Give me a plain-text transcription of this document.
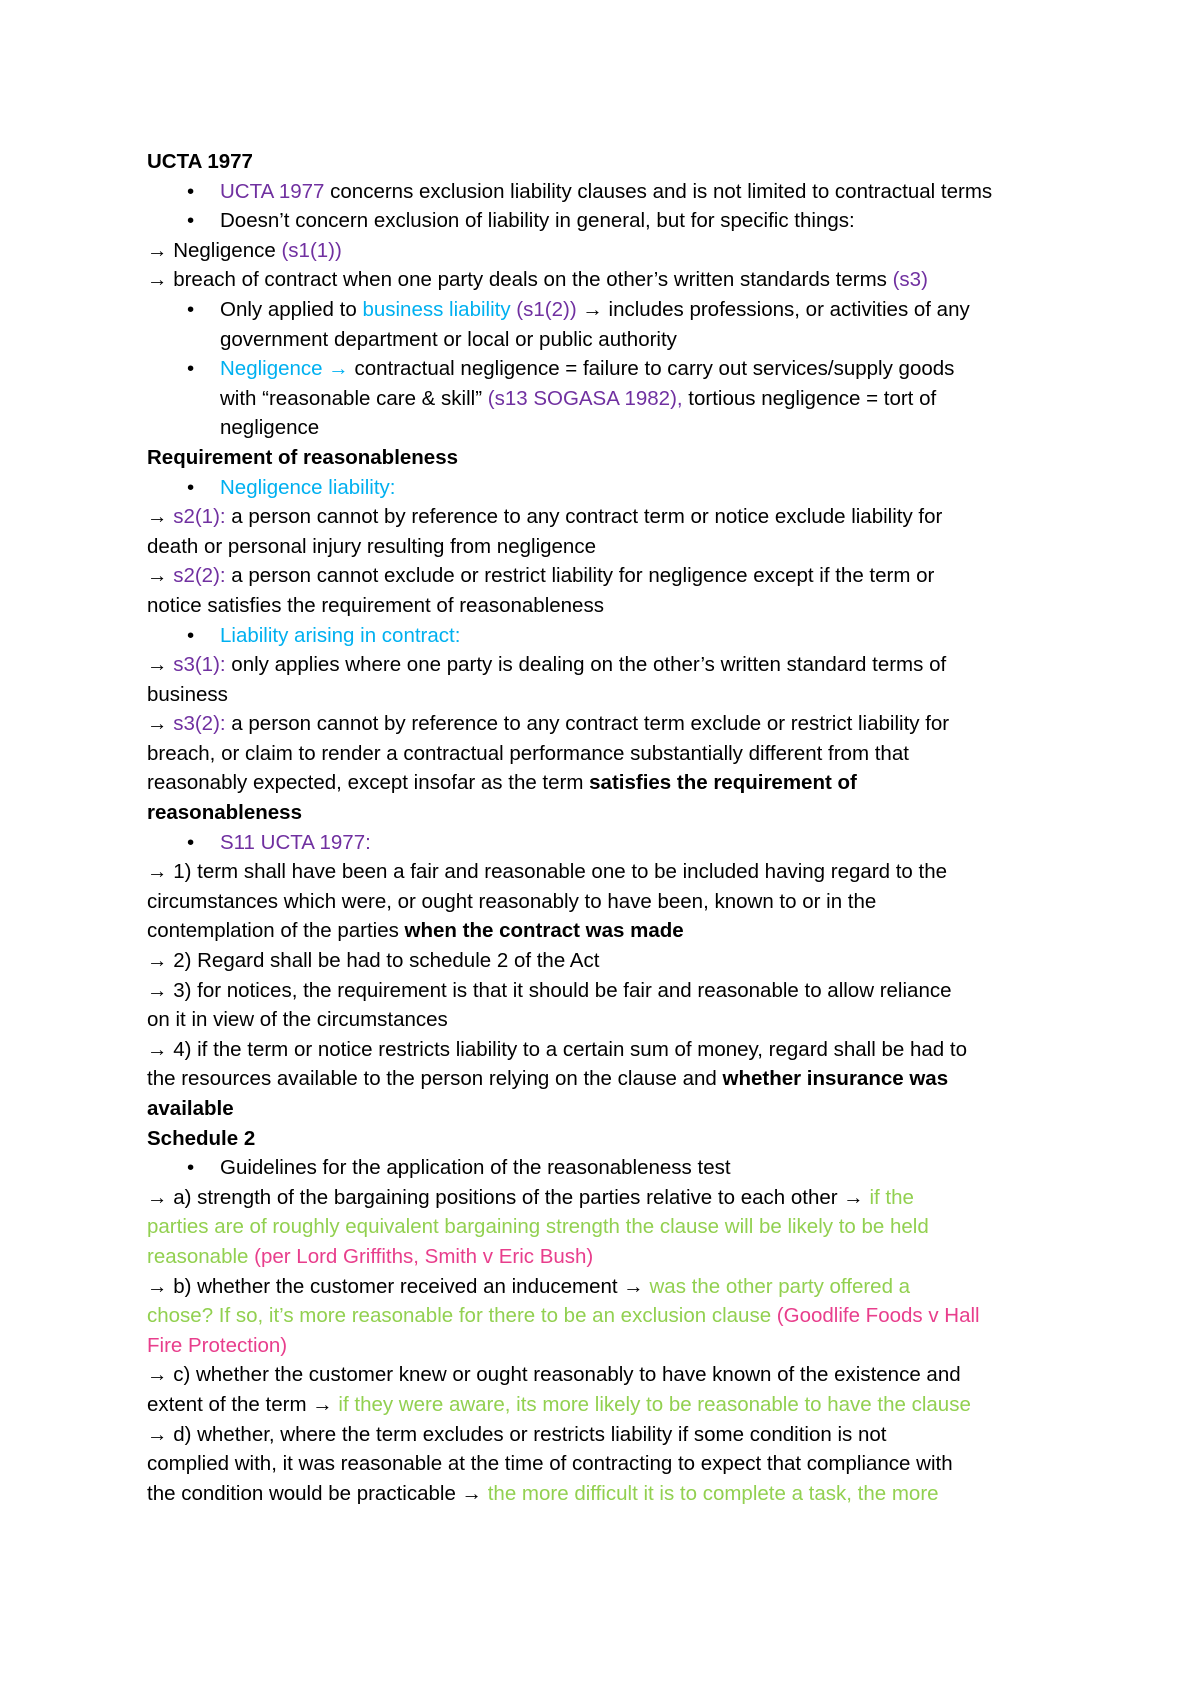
UCTA 1977
• UCTA 1977 concerns exclusion liability clauses and is not limited to contractual terms
• Doesn’t concern exclusion of liability in general, but for specific things:
→ Negligence (s1(1))
→ breach of contract when one party deals on the other’s written standards terms (s3)
• Only applied to business liability (s1(2)) → includes professions, or activities of any
government department or local or public authority
• Negligence → contractual negligence = failure to carry out services/supply goods
with “reasonable care & skill” (s13 SOGASA 1982), tortious negligence = tort of
negligence
Requirement of reasonableness
• Negligence liability:
→ s2(1): a person cannot by reference to any contract term or notice exclude liability for
death or personal injury resulting from negligence
→ s2(2): a person cannot exclude or restrict liability for negligence except if the term or
notice satisfies the requirement of reasonableness
• Liability arising in contract:
→ s3(1): only applies where one party is dealing on the other’s written standard terms of
business
→ s3(2): a person cannot by reference to any contract term exclude or restrict liability for
breach, or claim to render a contractual performance substantially different from that
reasonably expected, except insofar as the term satisfies the requirement of
reasonableness
• S11 UCTA 1977:
→ 1) term shall have been a fair and reasonable one to be included having regard to the
circumstances which were, or ought reasonably to have been, known to or in the
contemplation of the parties when the contract was made
→ 2) Regard shall be had to schedule 2 of the Act
→ 3) for notices, the requirement is that it should be fair and reasonable to allow reliance
on it in view of the circumstances
→ 4) if the term or notice restricts liability to a certain sum of money, regard shall be had to
the resources available to the person relying on the clause and whether insurance was
available
Schedule 2
• Guidelines for the application of the reasonableness test
→ a) strength of the bargaining positions of the parties relative to each other → if the
parties are of roughly equivalent bargaining strength the clause will be likely to be held
reasonable (per Lord Griffiths, Smith v Eric Bush)
→ b) whether the customer received an inducement → was the other party offered a
chose? If so, it’s more reasonable for there to be an exclusion clause (Goodlife Foods v Hall
Fire Protection)
→ c) whether the customer knew or ought reasonably to have known of the existence and
extent of the term → if they were aware, its more likely to be reasonable to have the clause
→ d) whether, where the term excludes or restricts liability if some condition is not
complied with, it was reasonable at the time of contracting to expect that compliance with
the condition would be practicable → the more difficult it is to complete a task, the more
